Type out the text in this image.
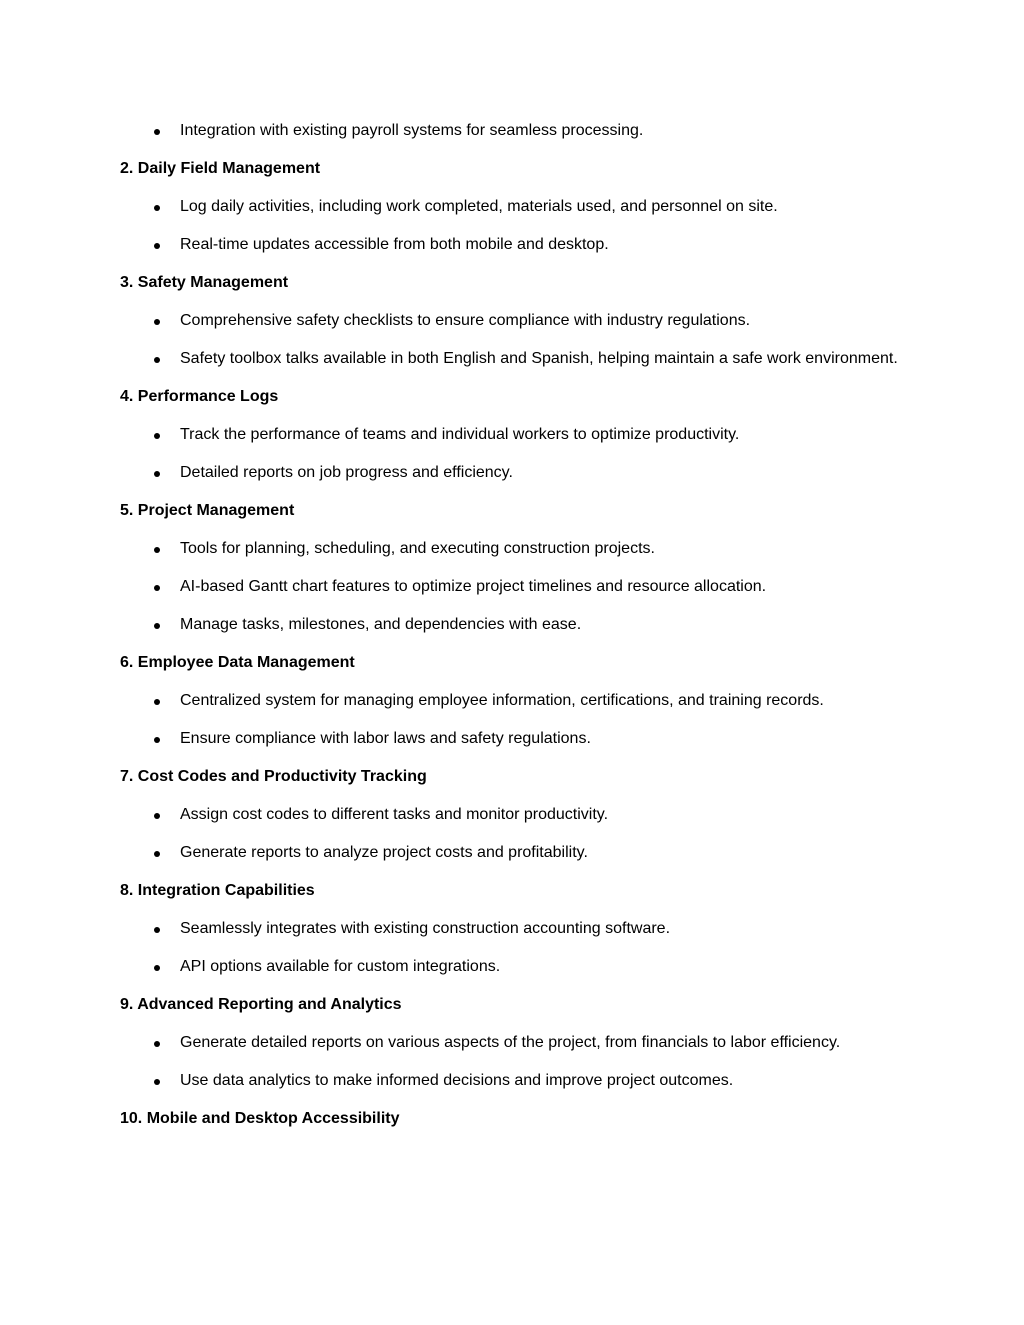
Integration with existing payroll systems for seamless processing.
2. Daily Field Management
Log daily activities, including work completed, materials used, and personnel on site.
Real-time updates accessible from both mobile and desktop.
3. Safety Management
Comprehensive safety checklists to ensure compliance with industry regulations.
Safety toolbox talks available in both English and Spanish, helping maintain a safe work environment.
4. Performance Logs
Track the performance of teams and individual workers to optimize productivity.
Detailed reports on job progress and efficiency.
5. Project Management
Tools for planning, scheduling, and executing construction projects.
AI-based Gantt chart features to optimize project timelines and resource allocation.
Manage tasks, milestones, and dependencies with ease.
6. Employee Data Management
Centralized system for managing employee information, certifications, and training records.
Ensure compliance with labor laws and safety regulations.
7. Cost Codes and Productivity Tracking
Assign cost codes to different tasks and monitor productivity.
Generate reports to analyze project costs and profitability.
8. Integration Capabilities
Seamlessly integrates with existing construction accounting software.
API options available for custom integrations.
9. Advanced Reporting and Analytics
Generate detailed reports on various aspects of the project, from financials to labor efficiency.
Use data analytics to make informed decisions and improve project outcomes.
10. Mobile and Desktop Accessibility
